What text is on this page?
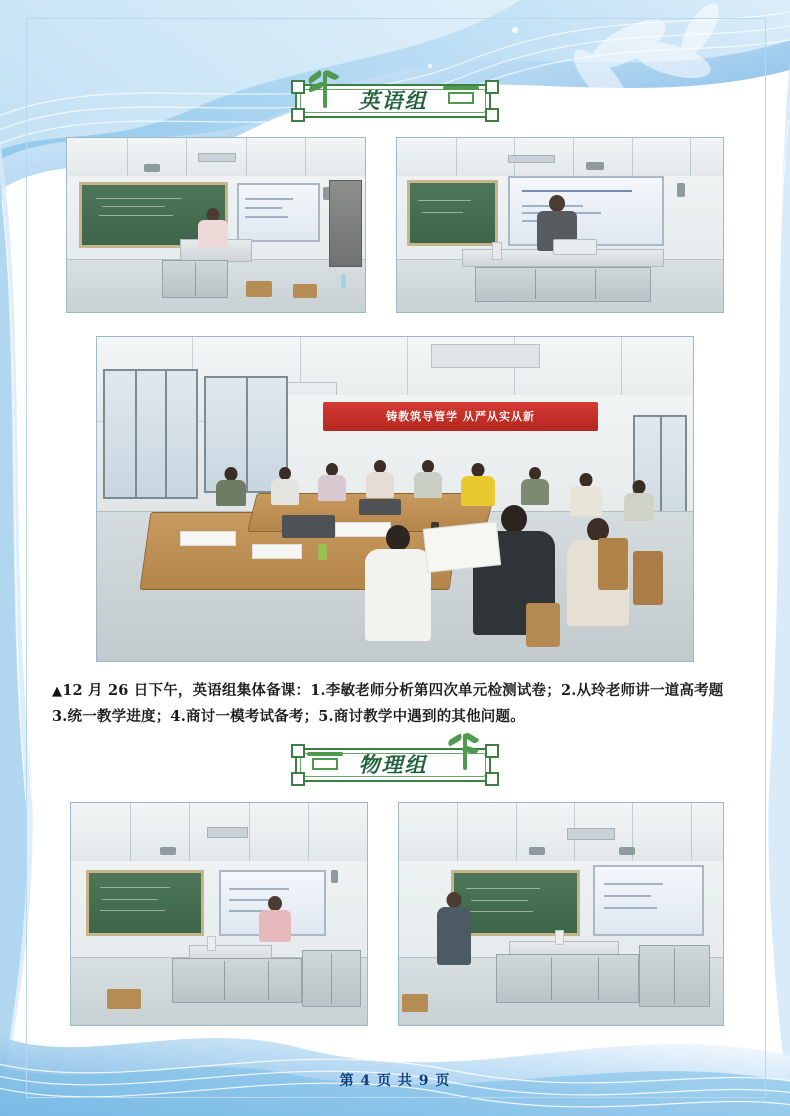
英语组
铸教筑导管学 从严从实从新
▲12 月 26 日下午，英语组集体备课：1.李敏老师分析第四次单元检测试卷；2.从玲老师讲一道高考题
3.统一教学进度；4.商讨一模考试备考；5.商讨教学中遇到的其他问题。
物理组
第 4 页 共 9 页
